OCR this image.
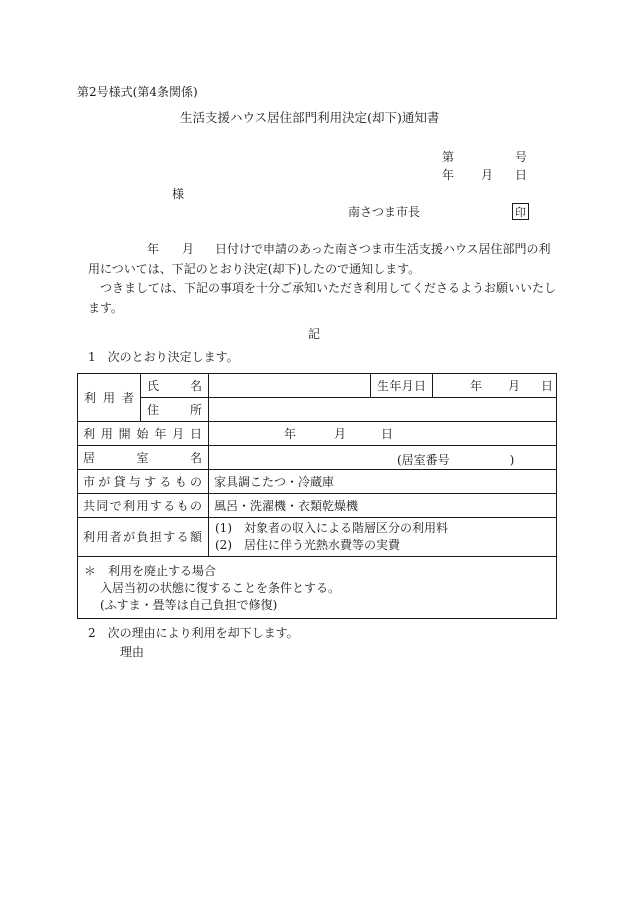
第2号様式(第4条関係)
生活支援ハウス居住部門利用決定(却下)通知書
第	号
年 月 日
様
南さつま市長	印
年 月 日付けで申請のあった南さつま市生活支援ハウス居住部門の利
用については、下記のとおり決定(却下)したので通知します。
つきましては、下記の事項を十分ご承知いただき利用してくださるようお願いいたし
ます。
記
1　次のとおり決定します。
利用者	氏名		生年月日	年 月 日

	住所			
利用開始年月日		年 月 日		

居室名		(居室番号　　　　　)		

市が貸与するもの		家具調こたつ・冷蔵庫		
共同で利用するもの		風呂・洗濯機・衣類乾燥機		
利用者が負担する額		(1)　対象者の収入による階層区分の利用料
(2)　居住に伴う光熱水費等の実費		

＊　利用を廃止する場合
入居当初の状態に復することを条件とする。
(ふすま・畳等は自己負担で修復)				
2　次の理由により利用を却下します。
理由
